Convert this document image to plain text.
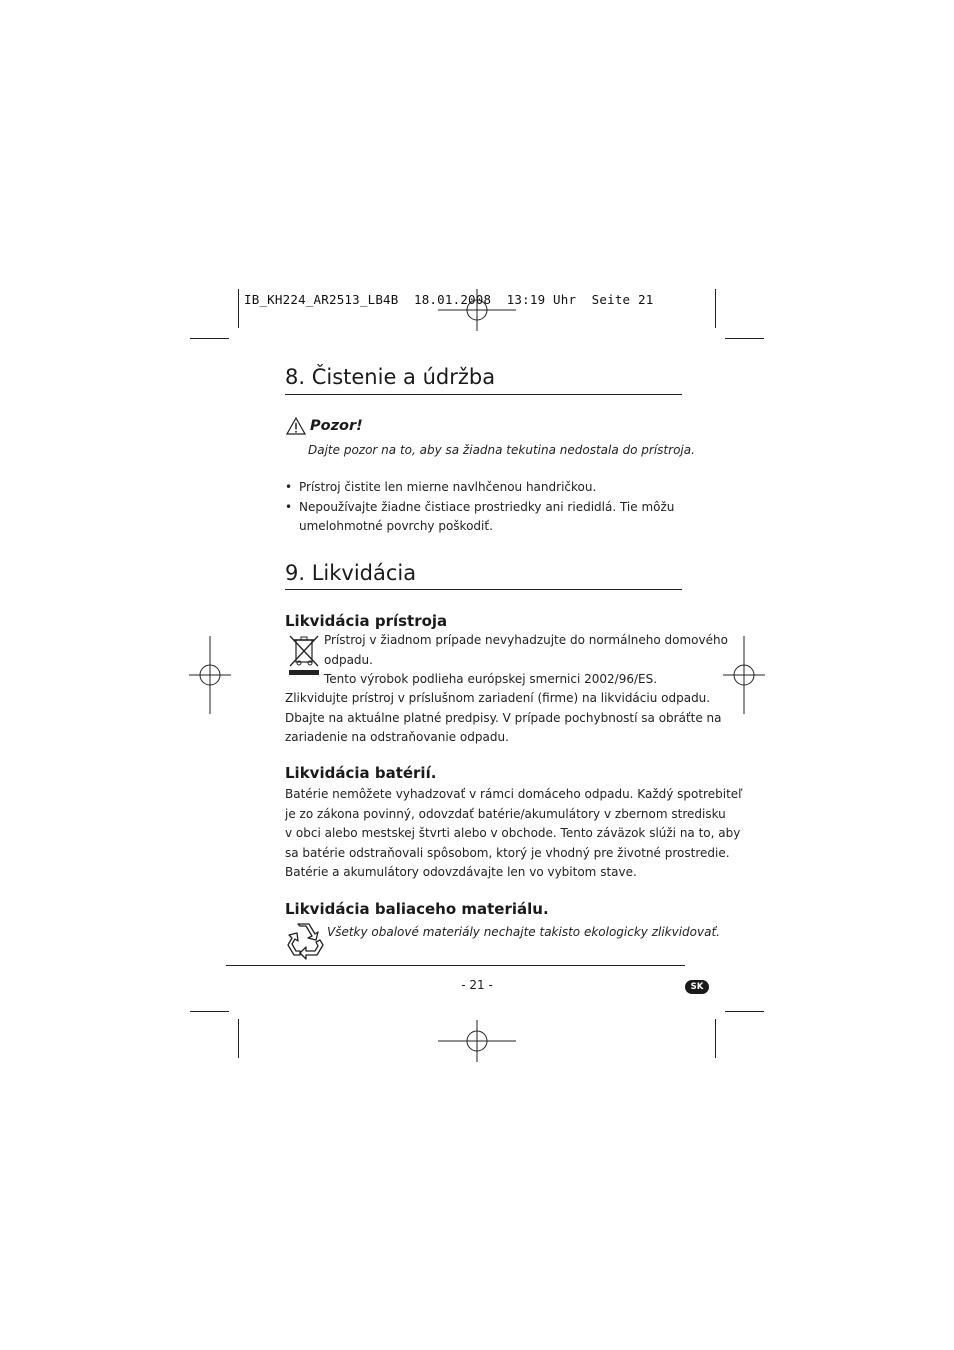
IB_KH224_AR2513_LB4B  18.01.2008  13:19 Uhr  Seite 21
8. Čistenie a údržba
Pozor!
Dajte pozor na to, aby sa žiadna tekutina nedostala do prístroja.
• Prístroj čistite len mierne navlhčenou handričkou.
• Nepoužívajte žiadne čistiace prostriedky ani riedidlá. Tie môžu
umelohmotné povrchy poškodiť.
9. Likvidácia
Likvidácia prístroja
Prístroj v žiadnom prípade nevyhadzujte do normálneho domového
odpadu.
Tento výrobok podlieha európskej smernici 2002/96/ES.
Zlikvidujte prístroj v príslušnom zariadení (firme) na likvidáciu odpadu.
Dbajte na aktuálne platné predpisy. V prípade pochybností sa obráťte na
zariadenie na odstraňovanie odpadu.
Likvidácia batérií.
Batérie nemôžete vyhadzovať v rámci domáceho odpadu. Každý spotrebiteľ
je zo zákona povinný, odovzdať batérie/akumulátory v zbernom stredisku
v obci alebo mestskej štvrti alebo v obchode. Tento záväzok slúži na to, aby
sa batérie odstraňovali spôsobom, ktorý je vhodný pre životné prostredie.
Batérie a akumulátory odovzdávajte len vo vybitom stave.
Likvidácia baliaceho materiálu.
Všetky obalové materiály nechajte takisto ekologicky zlikvidovať.
- 21 -	SK
